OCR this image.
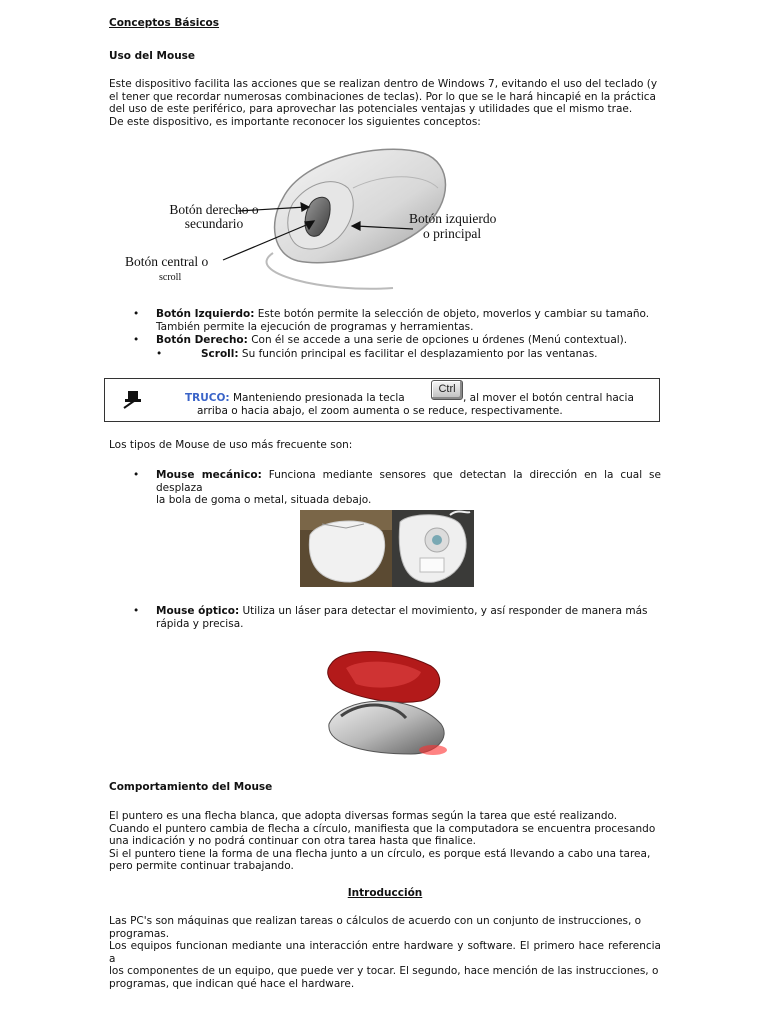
Conceptos Básicos
Uso del Mouse
Este dispositivo facilita las acciones que se realizan dentro de Windows 7, evitando el uso del teclado (y
el tener que recordar numerosas combinaciones de teclas). Por lo que se le hará hincapié en la práctica
del uso de este periférico, para aprovechar las potenciales ventajas y utilidades que el mismo trae.
De este dispositivo, es importante reconocer los siguientes conceptos:
Botón derecho o
secundario	Botón izquierdo
o principal
Botón central o
scroll
• Botón Izquierdo: Este botón permite la selección de objeto, moverlos y cambiar su tamaño.
También permite la ejecución de programas y herramientas.
• Botón Derecho: Con él se accede a una serie de opciones u órdenes (Menú contextual).
•	Scroll: Su función principal es facilitar el desplazamiento por las ventanas.
TRUCO: Manteniendo presionada la tecla
Ctrl
, al mover el botón central hacia
arriba o hacia abajo, el zoom aumenta o se reduce, respectivamente.
Los tipos de Mouse de uso más frecuente son:
• Mouse mecánico: Funciona mediante sensores que detectan la dirección en la cual se desplaza
la bola de goma o metal, situada debajo.
• Mouse óptico: Utiliza un láser para detectar el movimiento, y así responder de manera más
rápida y precisa.
Comportamiento del Mouse
El puntero es una flecha blanca, que adopta diversas formas según la tarea que esté realizando.
Cuando el puntero cambia de flecha a círculo, manifiesta que la computadora se encuentra procesando
una indicación y no podrá continuar con otra tarea hasta que finalice.
Si el puntero tiene la forma de una flecha junto a un círculo, es porque está llevando a cabo una tarea,
pero permite continuar trabajando.
Introducción
Las PC's son máquinas que realizan tareas o cálculos de acuerdo con un conjunto de instrucciones, o
programas.
Los equipos funcionan mediante una interacción entre hardware y software. El primero hace referencia a
los componentes de un equipo, que puede ver y tocar. El segundo, hace mención de las instrucciones, o
programas, que indican qué hace el hardware.
